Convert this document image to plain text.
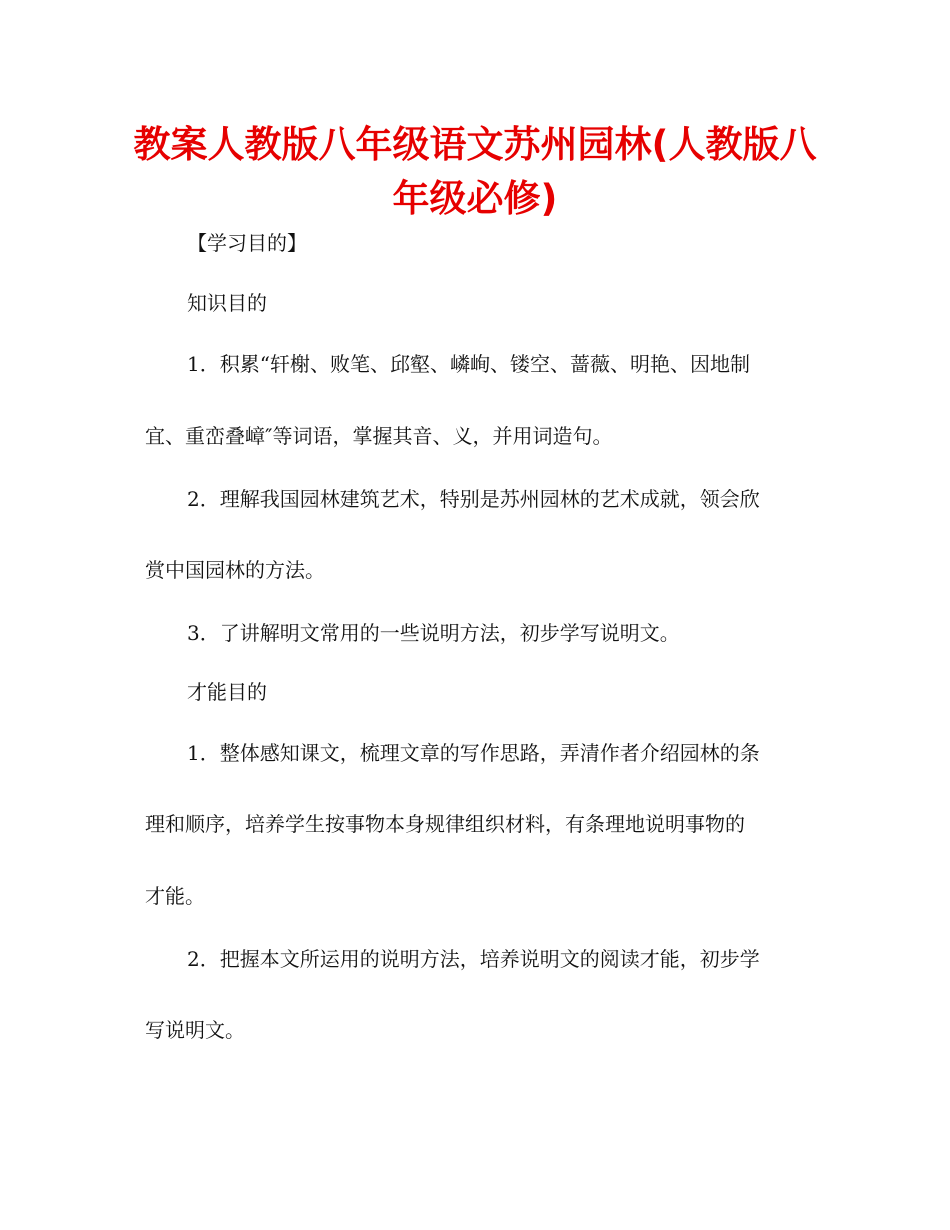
教案人教版八年级语文苏州园林(人教版八年级必修)
【学习目的】
知识目的
1．积累“轩榭、败笔、邱壑、嶙峋、镂空、蔷薇、明艳、因地制
宜、重峦叠嶂″等词语，掌握其音、义，并用词造句。
2．理解我国园林建筑艺术，特别是苏州园林的艺术成就，领会欣
赏中国园林的方法。
3．了讲解明文常用的一些说明方法，初步学写说明文。
才能目的
1．整体感知课文，梳理文章的写作思路，弄清作者介绍园林的条
理和顺序，培养学生按事物本身规律组织材料，有条理地说明事物的
才能。
2．把握本文所运用的说明方法，培养说明文的阅读才能，初步学
写说明文。
